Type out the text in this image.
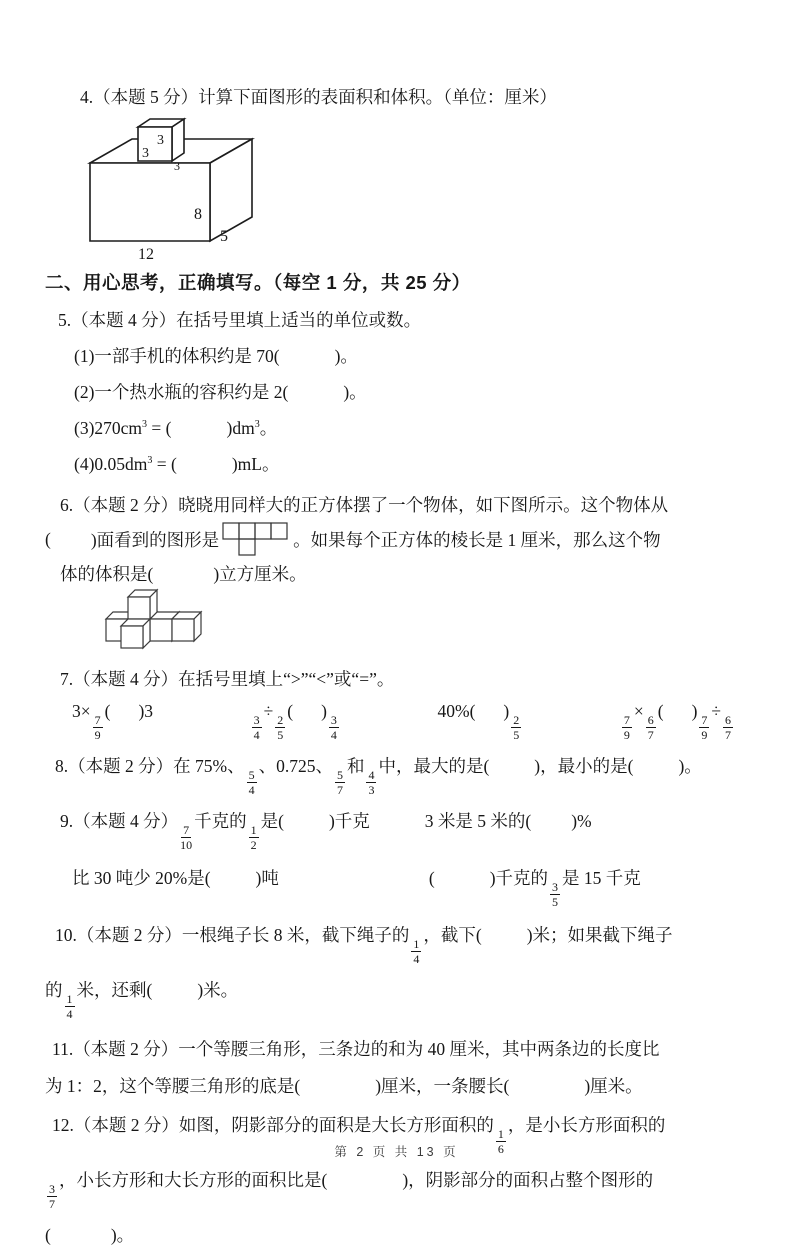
4.（本题 5 分）计算下面图形的表面积和体积。（单位：厘米）
3
3
3
8
5
12
二、用心思考，正确填写。（每空 1 分，共 25 分）
5.（本题 4 分）在括号里填上适当的单位或数。
(1)一部手机的体积约是 70(	)。
(2)一个热水瓶的容积约是 2(	)。
$(3)270cm^3$ = (	)$dm^3$。
$(4)0.05dm^3$ = (	)mL。
6.（本题 2 分）晓晓用同样大的正方体摆了一个物体，如下图所示。这个物体从
( )面看到的图形是	。如果每个正方体的棱长是 1 厘米，那么这个物
体的体积是(	)立方厘米。
7.（本题 4 分）在括号里填上“>”“<”或“=”。
3×
$\frac{7}{9}$
( )3
$\frac{3}{4}$
÷
$\frac{2}{5}$
( )
$\frac{3}{4}$
40%( )
$\frac{2}{5}$	$\frac{7}{9}$
×
$\frac{6}{7}$
( )
$\frac{7}{9}$
÷
$\frac{6}{7}$
8.（本题 2 分）在 75%、
$\frac{5}{4}$
、0.725、
$\frac{5}{7}$
和
$\frac{4}{3}$
中，最大的是(	)，最小的是(	)。
9.（本题 4 分）
$\frac{7}{10}$
千克的
$\frac{1}{2}$
是(	)千克	3 米是 5 米的( )%
比 30 吨少 20%是(	)吨	(	)千克的
$\frac{3}{5}$
是 15 千克
10.（本题 2 分）一根绳子长 8 米，截下绳子的
$\frac{1}{4}$
，截下(	)米；如果截下绳子
的
$\frac{1}{4}$
米，还剩(	)米。
11.（本题 2 分）一个等腰三角形，三条边的和为 40 厘米，其中两条边的长度比
为 1：2，这个等腰三角形的底是(	)厘米，一条腰长(	)厘米。
12.（本题 2 分）如图，阴影部分的面积是大长方形面积的
$\frac{1}{6}$
，是小长方形面积的
$\frac{3}{7}$
，小长方形和大长方形的面积比是(	)，阴影部分的面积占整个图形的
(	)。
第 2 页 共 13 页
